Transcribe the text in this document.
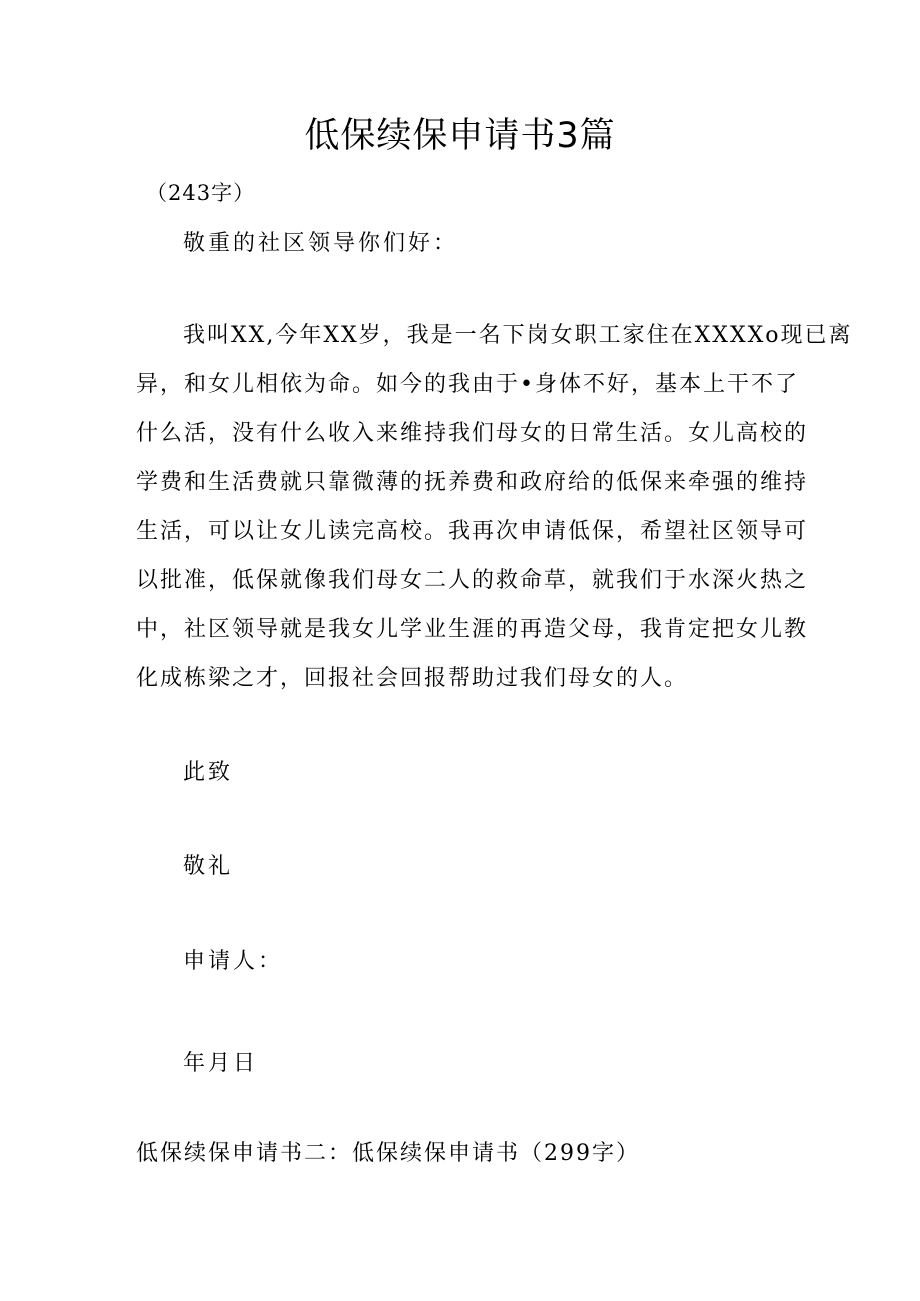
低保续保申请书3篇
（243字）
敬重的社区领导你们好：
我叫XX,今年XX岁，我是一名下岗女职工家住在XXXXo现已离
异，和女儿相依为命。如今的我由于•身体不好，基本上干不了
什么活，没有什么收入来维持我们母女的日常生活。女儿高校的
学费和生活费就只靠微薄的抚养费和政府给的低保来牵强的维持
生活，可以让女儿读完高校。我再次申请低保，希望社区领导可
以批准，低保就像我们母女二人的救命草，就我们于水深火热之
中，社区领导就是我女儿学业生涯的再造父母，我肯定把女儿教
化成栋梁之才，回报社会回报帮助过我们母女的人。
此致
敬礼
申请人：
年月日
低保续保申请书二：低保续保申请书（299字）
